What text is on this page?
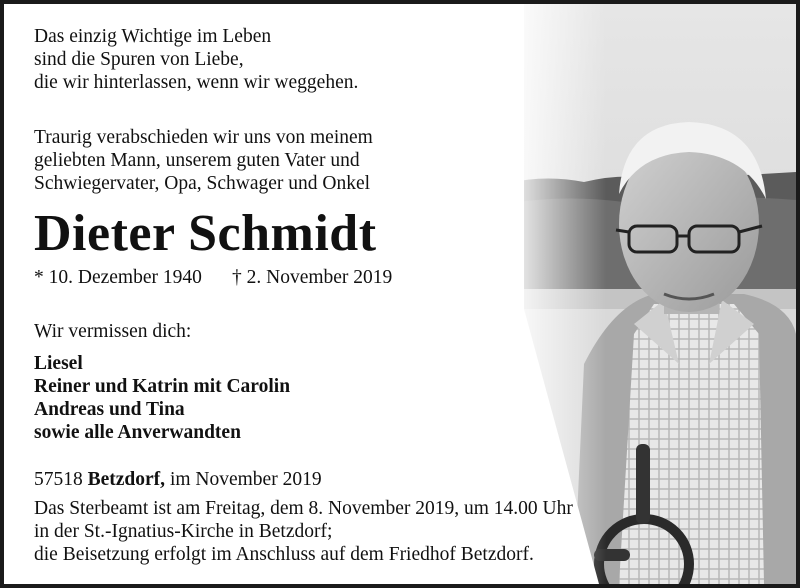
Das einzig Wichtige im Leben
sind die Spuren von Liebe,
die wir hinterlassen, wenn wir weggehen.
Traurig verabschieden wir uns von meinem
geliebten Mann, unserem guten Vater und
Schwiegervater, Opa, Schwager und Onkel
Dieter Schmidt
* 10. Dezember 1940 † 2. November 2019
Wir vermissen dich:
Liesel
Reiner und Katrin mit Carolin
Andreas und Tina
sowie alle Anverwandten
57518 Betzdorf, im November 2019
Das Sterbeamt ist am Freitag, dem 8. November 2019, um 14.00 Uhr
in der St.-Ignatius-Kirche in Betzdorf;
die Beisetzung erfolgt im Anschluss auf dem Friedhof Betzdorf.
